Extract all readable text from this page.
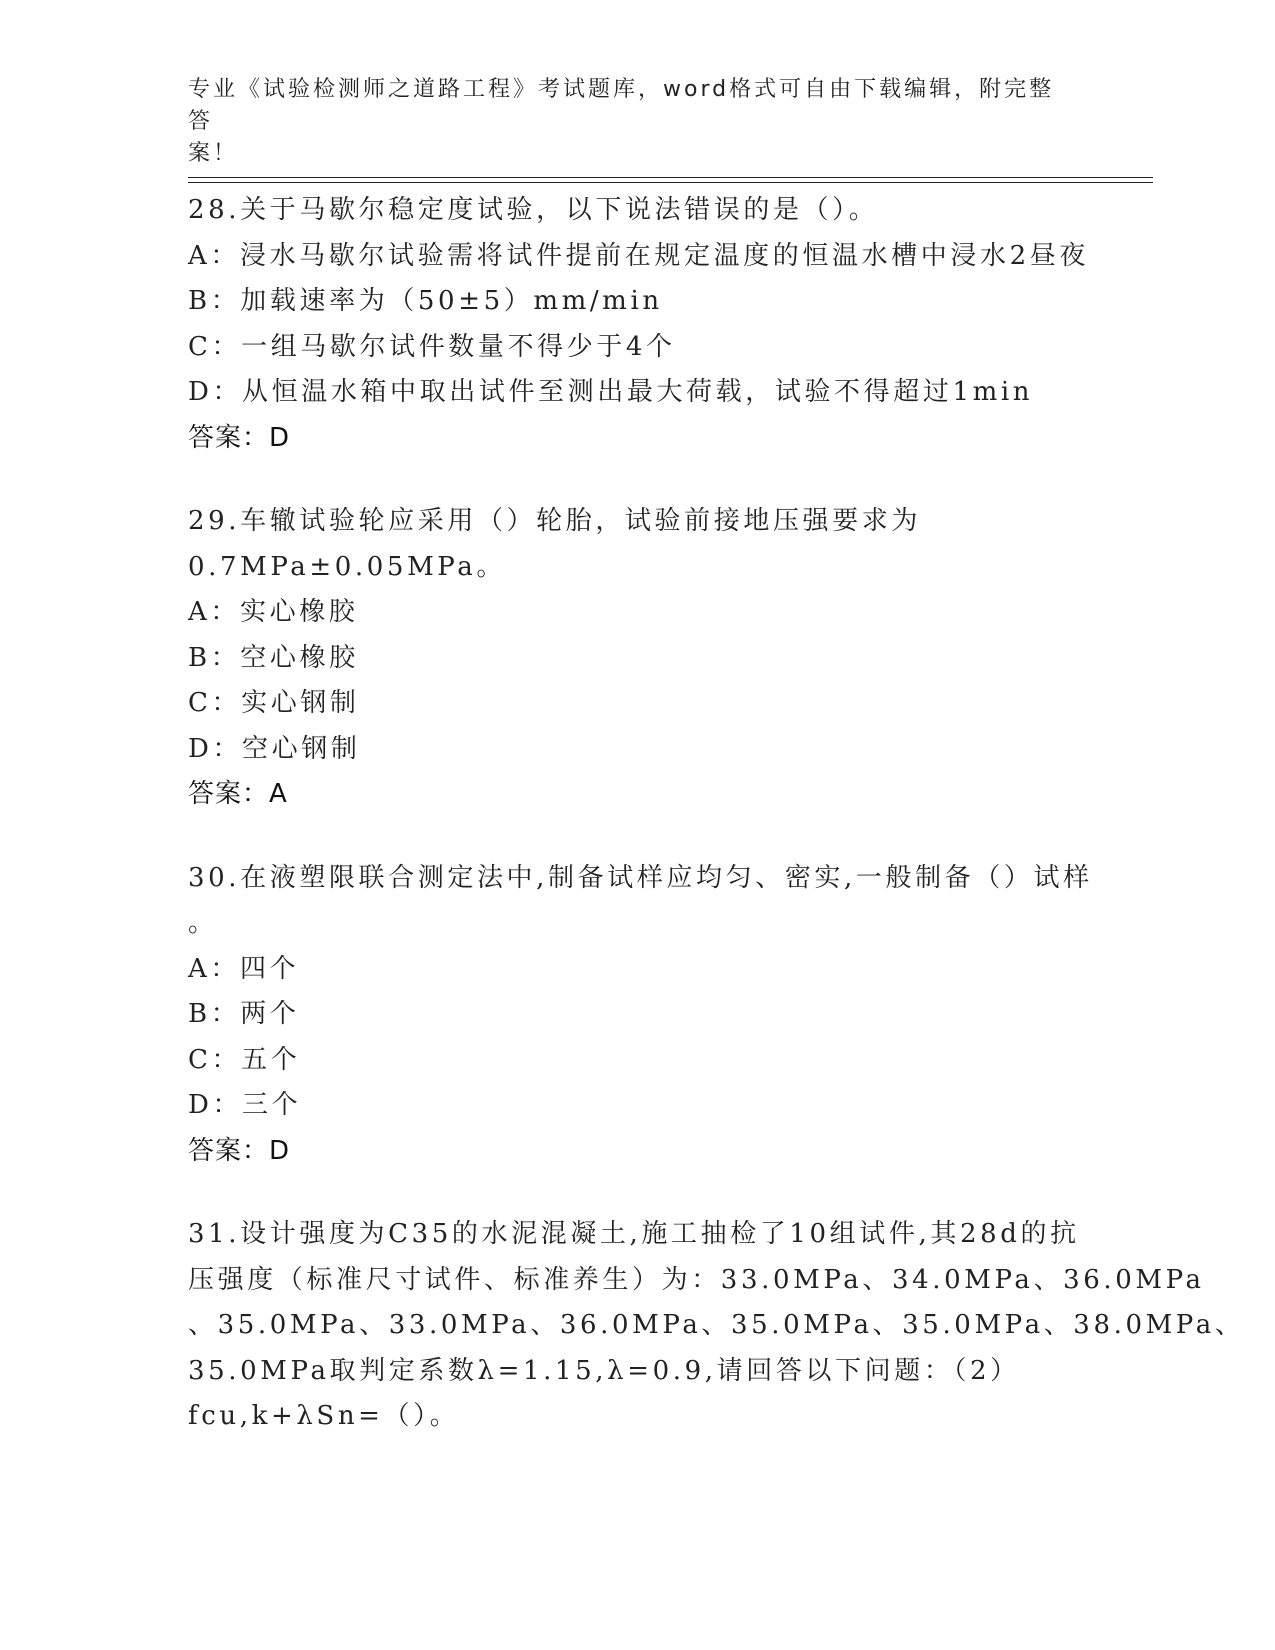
专业《试验检测师之道路工程》考试题库，word格式可自由下载编辑，附完整答
案！
28.关于马歇尔稳定度试验，以下说法错误的是（）。
A：浸水马歇尔试验需将试件提前在规定温度的恒温水槽中浸水2昼夜
B：加载速率为（50±5）mm/min
C：一组马歇尔试件数量不得少于4个
D：从恒温水箱中取出试件至测出最大荷载，试验不得超过1min
答案：D
29.车辙试验轮应采用（）轮胎，试验前接地压强要求为
0.7MPa±0.05MPa。
A：实心橡胶
B：空心橡胶
C：实心钢制
D：空心钢制
答案：A
30.在液塑限联合测定法中,制备试样应均匀、密实,一般制备（）试样
。
A：四个
B：两个
C：五个
D：三个
答案：D
31.设计强度为C35的水泥混凝土,施工抽检了10组试件,其28d的抗
压强度（标准尺寸试件、标准养生）为：33.0MPa、34.0MPa、36.0MPa
、35.0MPa、33.0MPa、36.0MPa、35.0MPa、35.0MPa、38.0MPa、
35.0MPa取判定系数λ=1.15,λ=0.9,请回答以下问题：（2）
fcu,k+λSn=（）。
